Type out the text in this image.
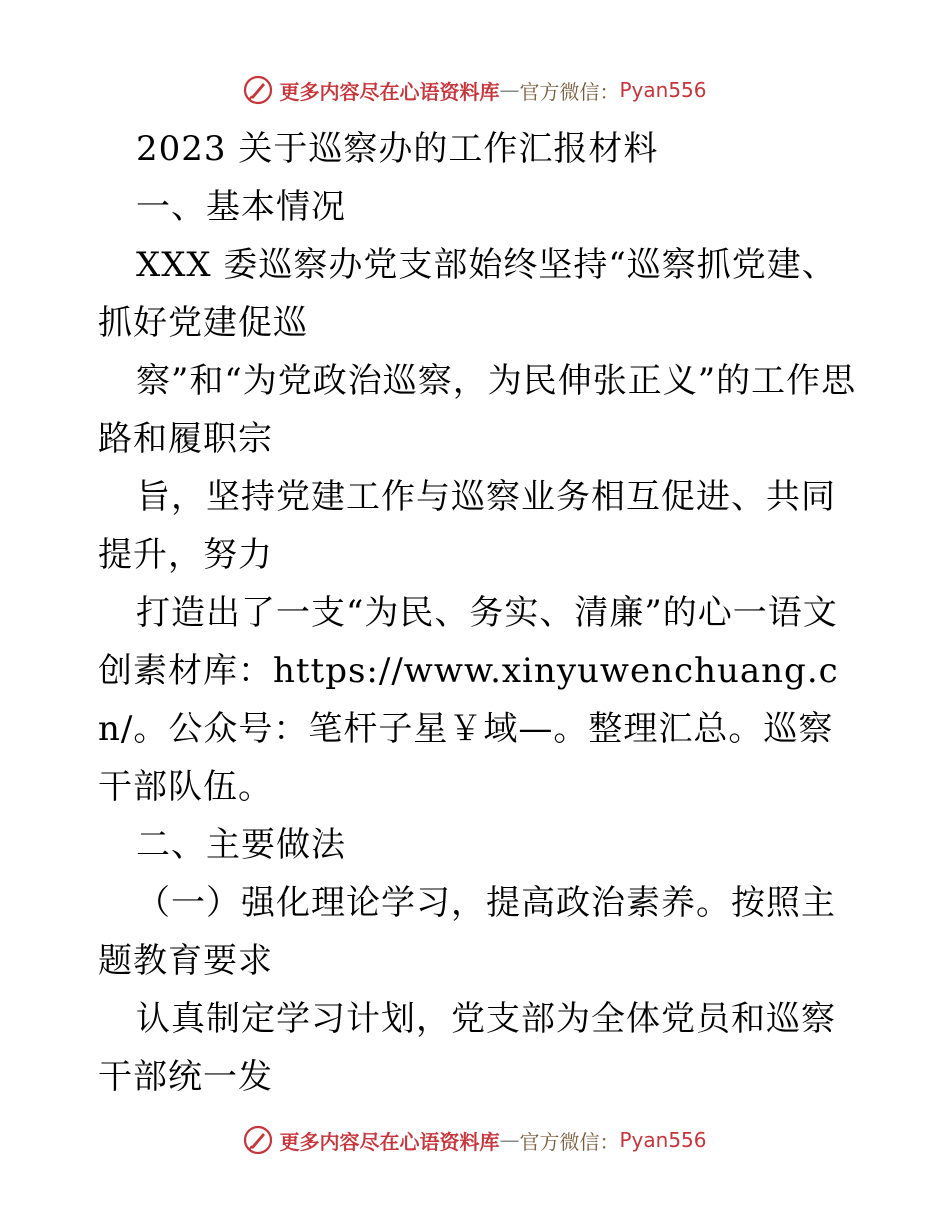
更多内容尽在心语资料库 — 官方微信： Pyan556

2023 关于巡察办的工作汇报材料

一、基本情况

XXX 委巡察办党支部始终坚持“巡察抓党建、抓好党建促巡

察”和“为党政治巡察，为民伸张正义”的工作思路和履职宗

旨，坚持党建工作与巡察业务相互促进、共同提升，努力

打造出了一支“为民、务实、清廉”的心一语文创素材库：https://www.xinyuwenchuang.cn/。公众号：笔杆子星￥域—。整理汇总。巡察干部队伍。

二、主要做法

（一）强化理论学习，提高政治素养。按照主题教育要求

认真制定学习计划，党支部为全体党员和巡察干部统一发

更多内容尽在心语资料库 — 官方微信： Pyan556
